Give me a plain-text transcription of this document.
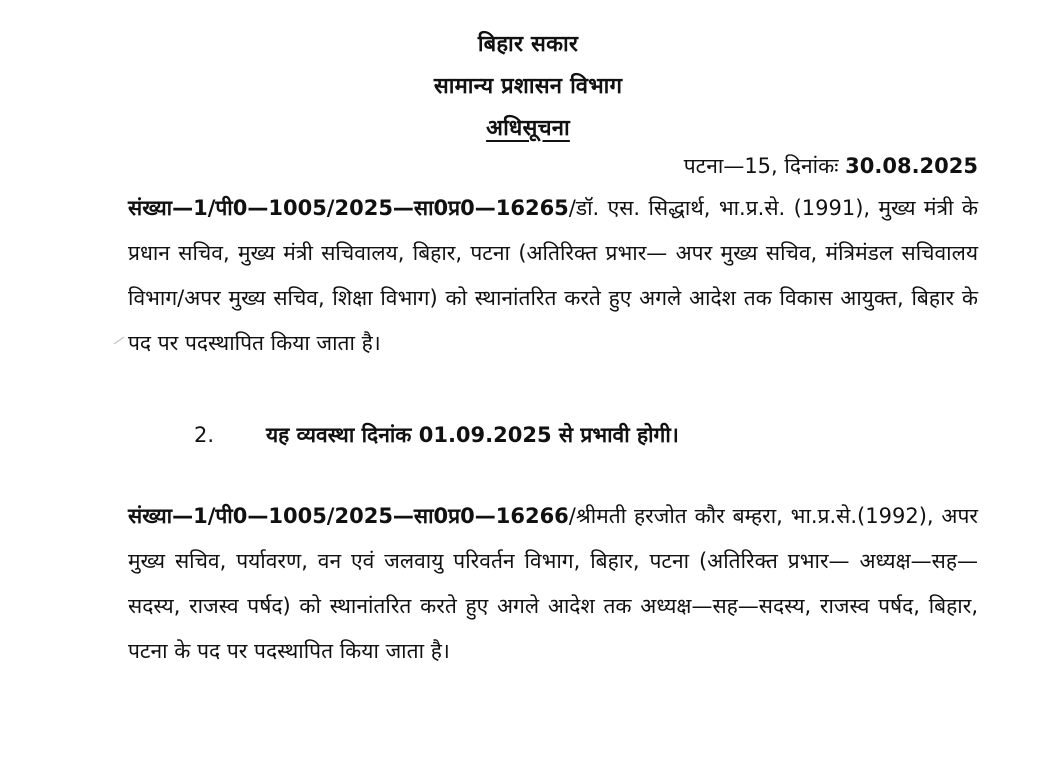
बिहार सकार
सामान्य प्रशासन विभाग
अधिसूचना
पटना—15, दिनांकः 30.08.2025
संख्या—1/पी0—1005/2025—सा0प्र0—16265/डॉ. एस. सिद्धार्थ, भा.प्र.से. (1991), मुख्य मंत्री के प्रधान सचिव, मुख्य मंत्री सचिवालय, बिहार, पटना (अतिरिक्त प्रभार— अपर मुख्य सचिव, मंत्रिमंडल सचिवालय विभाग/अपर मुख्य सचिव, शिक्षा विभाग) को स्थानांतरित करते हुए अगले आदेश तक विकास आयुक्त, बिहार के पद पर पदस्थापित किया जाता है।
2. यह व्यवस्था दिनांक 01.09.2025 से प्रभावी होगी।
संख्या—1/पी0—1005/2025—सा0प्र0—16266/श्रीमती हरजोत कौर बम्हरा, भा.प्र.से.(1992), अपर मुख्य सचिव, पर्यावरण, वन एवं जलवायु परिवर्तन विभाग, बिहार, पटना (अतिरिक्त प्रभार— अध्यक्ष—सह—सदस्य, राजस्व पर्षद) को स्थानांतरित करते हुए अगले आदेश तक अध्यक्ष—सह—सदस्य, राजस्व पर्षद, बिहार, पटना के पद पर पदस्थापित किया जाता है।
